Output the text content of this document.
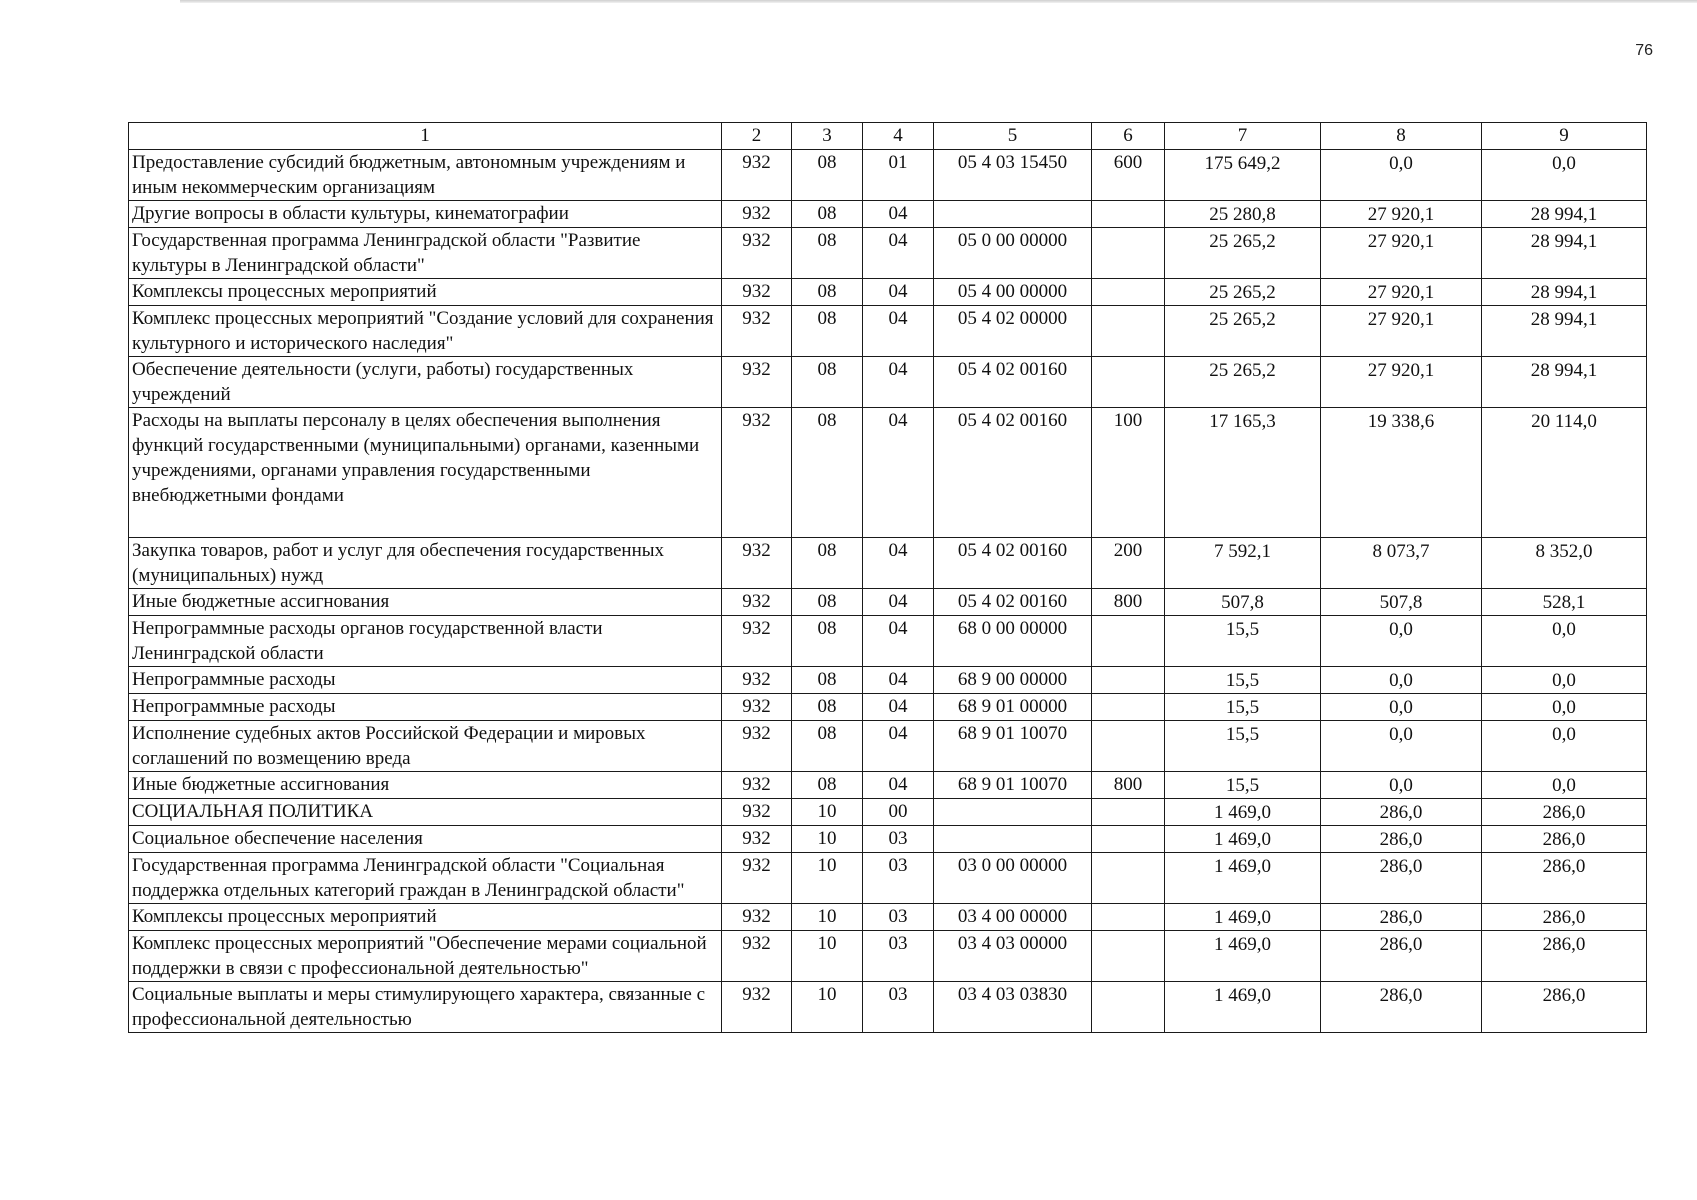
76
1	2	3	4	5	6	7	8	9
Предоставление субсидий бюджетным, автономным учреждениям и иным некоммерческим организациям	932	08	01	05 4 03 15450	600	175 649,2	0,0	0,0
Другие вопросы в области культуры, кинематографии	932	08	04			25 280,8	27 920,1	28 994,1
Государственная программа Ленинградской области "Развитие культуры в Ленинградской области"	932	08	04	05 0 00 00000		25 265,2	27 920,1	28 994,1
Комплексы процессных мероприятий	932	08	04	05 4 00 00000		25 265,2	27 920,1	28 994,1
Комплекс процессных мероприятий "Создание условий для сохранения культурного и исторического наследия"	932	08	04	05 4 02 00000		25 265,2	27 920,1	28 994,1
Обеспечение деятельности (услуги, работы) государственных учреждений	932	08	04	05 4 02 00160		25 265,2	27 920,1	28 994,1
Расходы на выплаты персоналу в целях обеспечения выполнения функций государственными (муниципальными) органами, казенными учреждениями, органами управления государственными внебюджетными фондами	932	08	04	05 4 02 00160	100	17 165,3	19 338,6	20 114,0
Закупка товаров, работ и услуг для обеспечения государственных (муниципальных) нужд	932	08	04	05 4 02 00160	200	7 592,1	8 073,7	8 352,0
Иные бюджетные ассигнования	932	08	04	05 4 02 00160	800	507,8	507,8	528,1
Непрограммные расходы органов государственной власти Ленинградской области	932	08	04	68 0 00 00000		15,5	0,0	0,0
Непрограммные расходы	932	08	04	68 9 00 00000		15,5	0,0	0,0
Непрограммные расходы	932	08	04	68 9 01 00000		15,5	0,0	0,0
Исполнение судебных актов Российской Федерации и мировых соглашений по возмещению вреда	932	08	04	68 9 01 10070		15,5	0,0	0,0
Иные бюджетные ассигнования	932	08	04	68 9 01 10070	800	15,5	0,0	0,0
СОЦИАЛЬНАЯ ПОЛИТИКА	932	10	00			1 469,0	286,0	286,0
Социальное обеспечение населения	932	10	03			1 469,0	286,0	286,0
Государственная программа Ленинградской области "Социальная поддержка отдельных категорий граждан в Ленинградской области"	932	10	03	03 0 00 00000		1 469,0	286,0	286,0
Комплексы процессных мероприятий	932	10	03	03 4 00 00000		1 469,0	286,0	286,0
Комплекс процессных мероприятий "Обеспечение мерами социальной поддержки в связи с профессиональной деятельностью"	932	10	03	03 4 03 00000		1 469,0	286,0	286,0
Социальные выплаты и меры стимулирующего характера, связанные с профессиональной деятельностью	932	10	03	03 4 03 03830		1 469,0	286,0	286,0
